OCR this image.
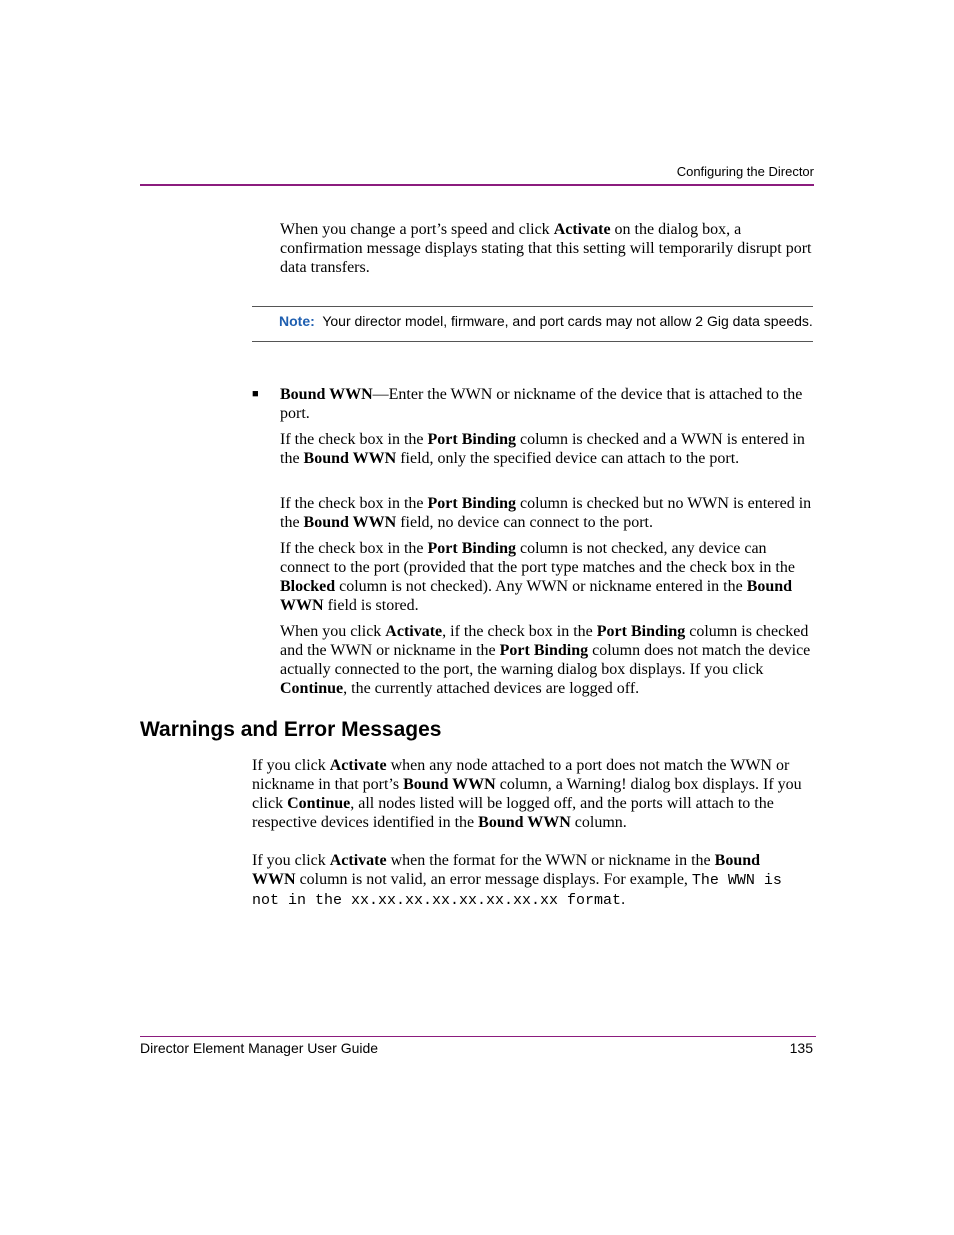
Configuring the Director

When you change a port’s speed and click Activate on the dialog box, a confirmation message displays stating that this setting will temporarily disrupt port data transfers.

Note: Your director model, firmware, and port cards may not allow 2 Gig data speeds.
■ Bound WWN—Enter the WWN or nickname of the device that is attached to the port.

If the check box in the Port Binding column is checked and a WWN is entered in the Bound WWN field, only the specified device can attach to the port.

If the check box in the Port Binding column is checked but no WWN is entered in the Bound WWN field, no device can connect to the port.

If the check box in the Port Binding column is not checked, any device can connect to the port (provided that the port type matches and the check box in the Blocked column is not checked). Any WWN or nickname entered in the Bound WWN field is stored.

When you click Activate, if the check box in the Port Binding column is checked and the WWN or nickname in the Port Binding column does not match the device actually connected to the port, the warning dialog box displays. If you click Continue, the currently attached devices are logged off.

Warnings and Error Messages

If you click Activate when any node attached to a port does not match the WWN or nickname in that port’s Bound WWN column, a Warning! dialog box displays. If you click Continue, all nodes listed will be logged off, and the ports will attach to the respective devices identified in the Bound WWN column.

If you click Activate when the format for the WWN or nickname in the Bound WWN column is not valid, an error message displays. For example, The WWN is not in the xx.xx.xx.xx.xx.xx.xx.xx format.

Director Element Manager User Guide	135
